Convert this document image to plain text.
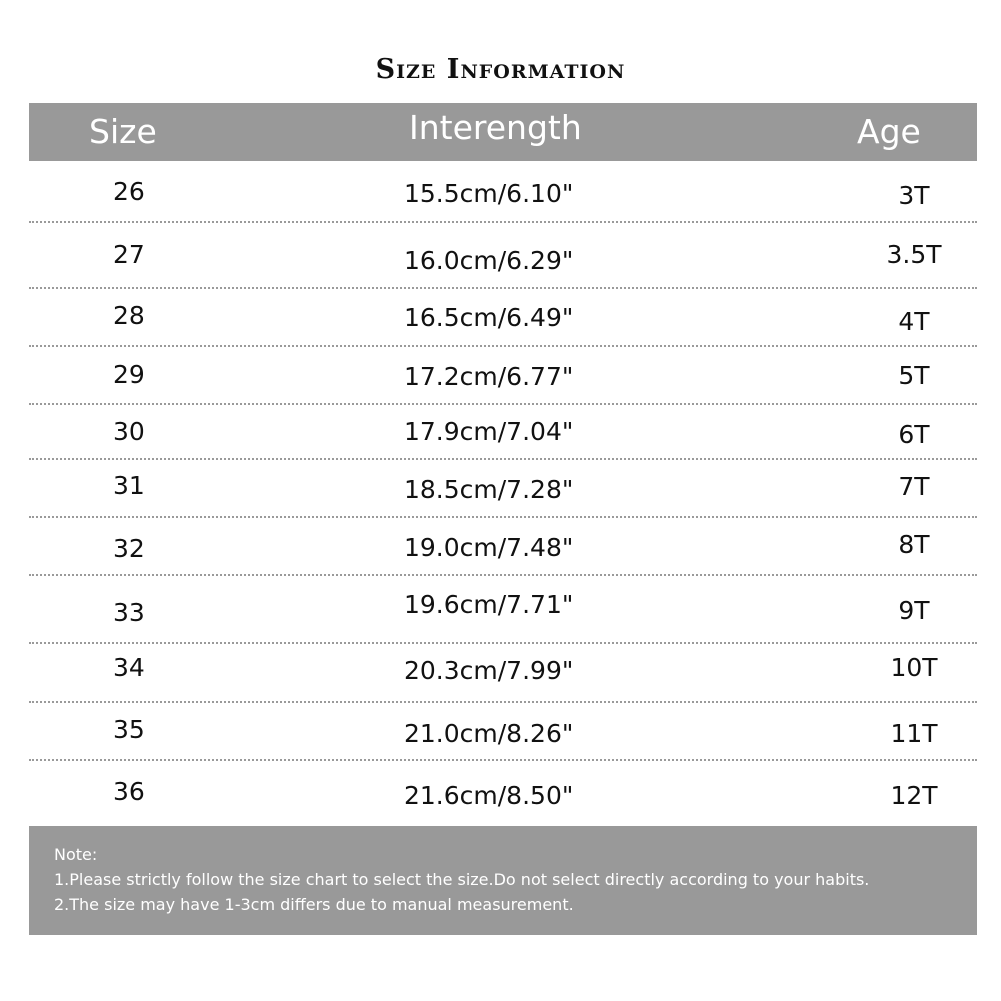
Size Information
Size	Interength	Age
26	15.5cm/6.10"	3T
27	16.0cm/6.29"	3.5T
28	16.5cm/6.49"	4T
29	17.2cm/6.77"	5T
30	17.9cm/7.04"	6T
31	18.5cm/7.28"	7T
32	19.0cm/7.48"	8T
33	19.6cm/7.71"	9T
34	20.3cm/7.99"	10T
35	21.0cm/8.26"	11T
36	21.6cm/8.50"	12T
Note:
1.Please strictly follow the size chart to select the size.Do not select directly according to your habits.
2.The size may have 1-3cm differs due to manual measurement.
